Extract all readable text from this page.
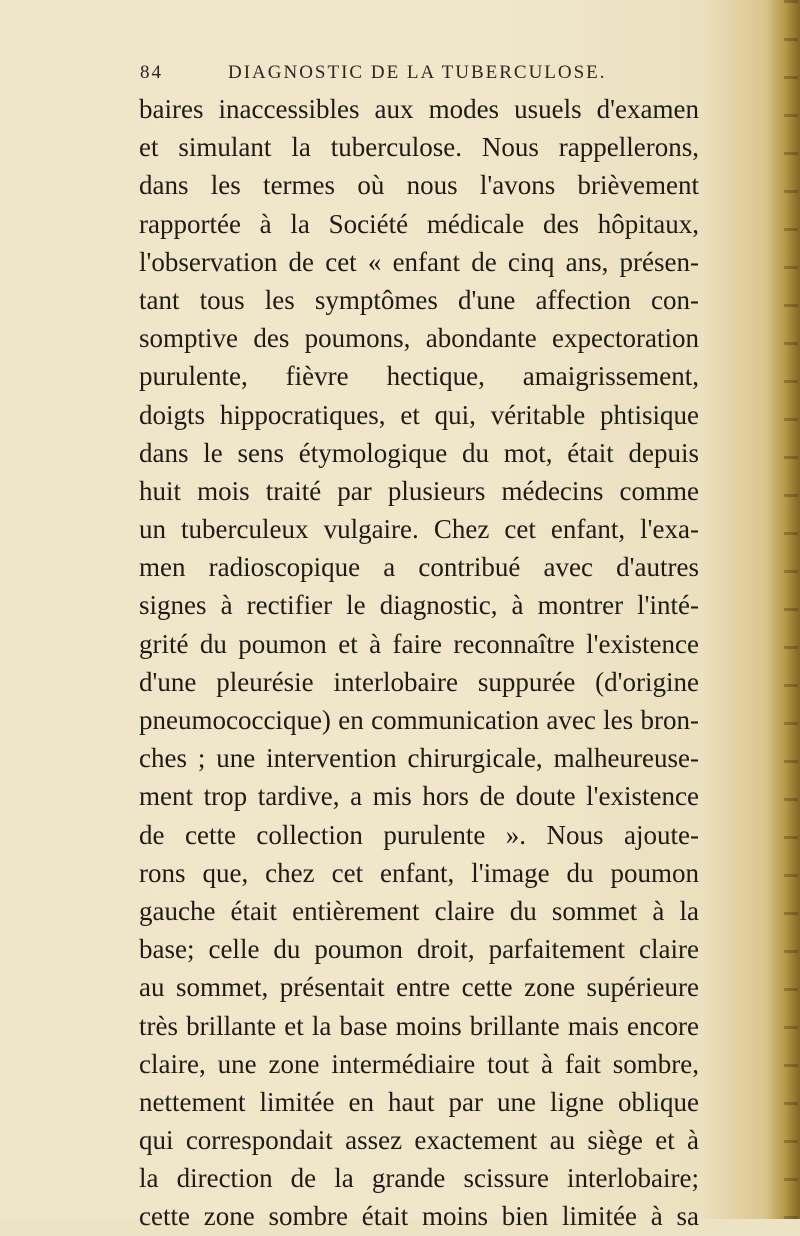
84	DIAGNOSTIC DE LA TUBERCULOSE.
baires inaccessibles aux modes usuels d'examen
et simulant la tuberculose. Nous rappellerons,
dans les termes où nous l'avons brièvement
rapportée à la Société médicale des hôpitaux,
l'observation de cet « enfant de cinq ans, présen-
tant tous les symptômes d'une affection con-
somptive des poumons, abondante expectoration
purulente, fièvre hectique, amaigrissement,
doigts hippocratiques, et qui, véritable phtisique
dans le sens étymologique du mot, était depuis
huit mois traité par plusieurs médecins comme
un tuberculeux vulgaire. Chez cet enfant, l'exa-
men radioscopique a contribué avec d'autres
signes à rectifier le diagnostic, à montrer l'inté-
grité du poumon et à faire reconnaître l'existence
d'une pleurésie interlobaire suppurée (d'origine
pneumococcique) en communication avec les bron-
ches ; une intervention chirurgicale, malheureuse-
ment trop tardive, a mis hors de doute l'existence
de cette collection purulente ». Nous ajoute-
rons que, chez cet enfant, l'image du poumon
gauche était entièrement claire du sommet à la
base; celle du poumon droit, parfaitement claire
au sommet, présentait entre cette zone supérieure
très brillante et la base moins brillante mais encore
claire, une zone intermédiaire tout à fait sombre,
nettement limitée en haut par une ligne oblique
qui correspondait assez exactement au siège et à
la direction de la grande scissure interlobaire;
cette zone sombre était moins bien limitée à sa
